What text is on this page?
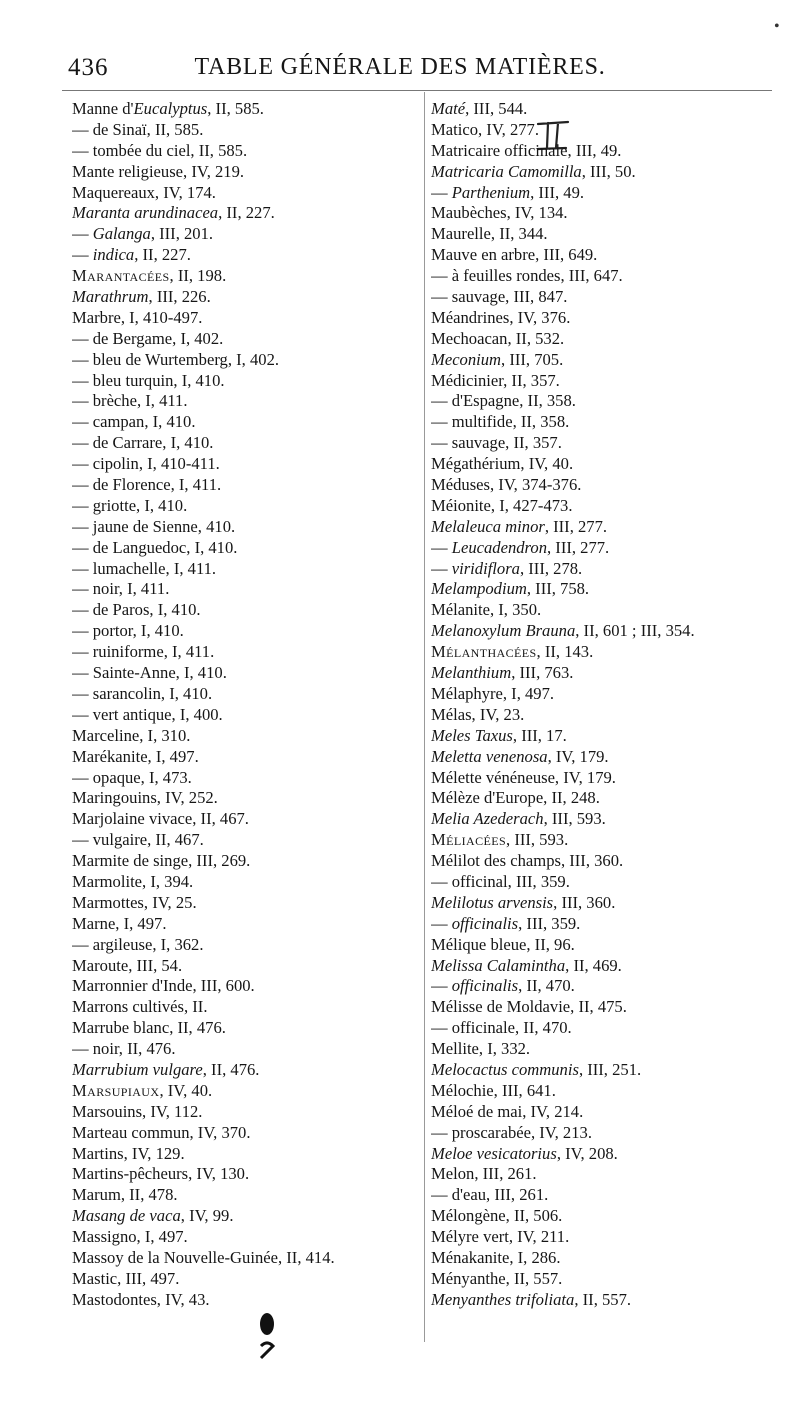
•
436	TABLE GÉNÉRALE DES MATIÈRES.
Manne d'Eucalyptus, II, 585.
— de Sinaï, II, 585.
— tombée du ciel, II, 585.
Mante religieuse, IV, 219.
Maquereaux, IV, 174.
Maranta arundinacea, II, 227.
— Galanga, III, 201.
— indica, II, 227.
Marantacées, II, 198.
Marathrum, III, 226.
Marbre, I, 410-497.
— de Bergame, I, 402.
— bleu de Wurtemberg, I, 402.
— bleu turquin, I, 410.
— brèche, I, 411.
— campan, I, 410.
— de Carrare, I, 410.
— cipolin, I, 410-411.
— de Florence, I, 411.
— griotte, I, 410.
— jaune de Sienne, 410.
— de Languedoc, I, 410.
— lumachelle, I, 411.
— noir, I, 411.
— de Paros, I, 410.
— portor, I, 410.
— ruiniforme, I, 411.
— Sainte-Anne, I, 410.
— sarancolin, I, 410.
— vert antique, I, 400.
Marceline, I, 310.
Marékanite, I, 497.
— opaque, I, 473.
Maringouins, IV, 252.
Marjolaine vivace, II, 467.
— vulgaire, II, 467.
Marmite de singe, III, 269.
Marmolite, I, 394.
Marmottes, IV, 25.
Marne, I, 497.
— argileuse, I, 362.
Maroute, III, 54.
Marronnier d'Inde, III, 600.
Marrons cultivés, II.
Marrube blanc, II, 476.
— noir, II, 476.
Marrubium vulgare, II, 476.
Marsupiaux, IV, 40.
Marsouins, IV, 112.
Marteau commun, IV, 370.
Martins, IV, 129.
Martins-pêcheurs, IV, 130.
Marum, II, 478.
Masang de vaca, IV, 99.
Massigno, I, 497.
Massoy de la Nouvelle-Guinée, II, 414.
Mastic, III, 497.
Mastodontes, IV, 43.
Maté, III, 544.
Matico, IV, 277.
Matricaire officinale, III, 49.
Matricaria Camomilla, III, 50.
— Parthenium, III, 49.
Maubèches, IV, 134.
Maurelle, II, 344.
Mauve en arbre, III, 649.
— à feuilles rondes, III, 647.
— sauvage, III, 847.
Méandrines, IV, 376.
Mechoacan, II, 532.
Meconium, III, 705.
Médicinier, II, 357.
— d'Espagne, II, 358.
— multifide, II, 358.
— sauvage, II, 357.
Mégathérium, IV, 40.
Méduses, IV, 374-376.
Méionite, I, 427-473.
Melaleuca minor, III, 277.
— Leucadendron, III, 277.
— viridiflora, III, 278.
Melampodium, III, 758.
Mélanite, I, 350.
Melanoxylum Brauna, II, 601 ; III, 354.
Mélanthacées, II, 143.
Melanthium, III, 763.
Mélaphyre, I, 497.
Mélas, IV, 23.
Meles Taxus, III, 17.
Meletta venenosa, IV, 179.
Mélette vénéneuse, IV, 179.
Mélèze d'Europe, II, 248.
Melia Azederach, III, 593.
Méliacées, III, 593.
Mélilot des champs, III, 360.
— officinal, III, 359.
Melilotus arvensis, III, 360.
— officinalis, III, 359.
Mélique bleue, II, 96.
Melissa Calamintha, II, 469.
— officinalis, II, 470.
Mélisse de Moldavie, II, 475.
— officinale, II, 470.
Mellite, I, 332.
Melocactus communis, III, 251.
Mélochie, III, 641.
Méloé de mai, IV, 214.
— proscarabée, IV, 213.
Meloe vesicatorius, IV, 208.
Melon, III, 261.
— d'eau, III, 261.
Mélongène, II, 506.
Mélyre vert, IV, 211.
Ménakanite, I, 286.
Ményanthe, II, 557.
Menyanthes trifoliata, II, 557.
